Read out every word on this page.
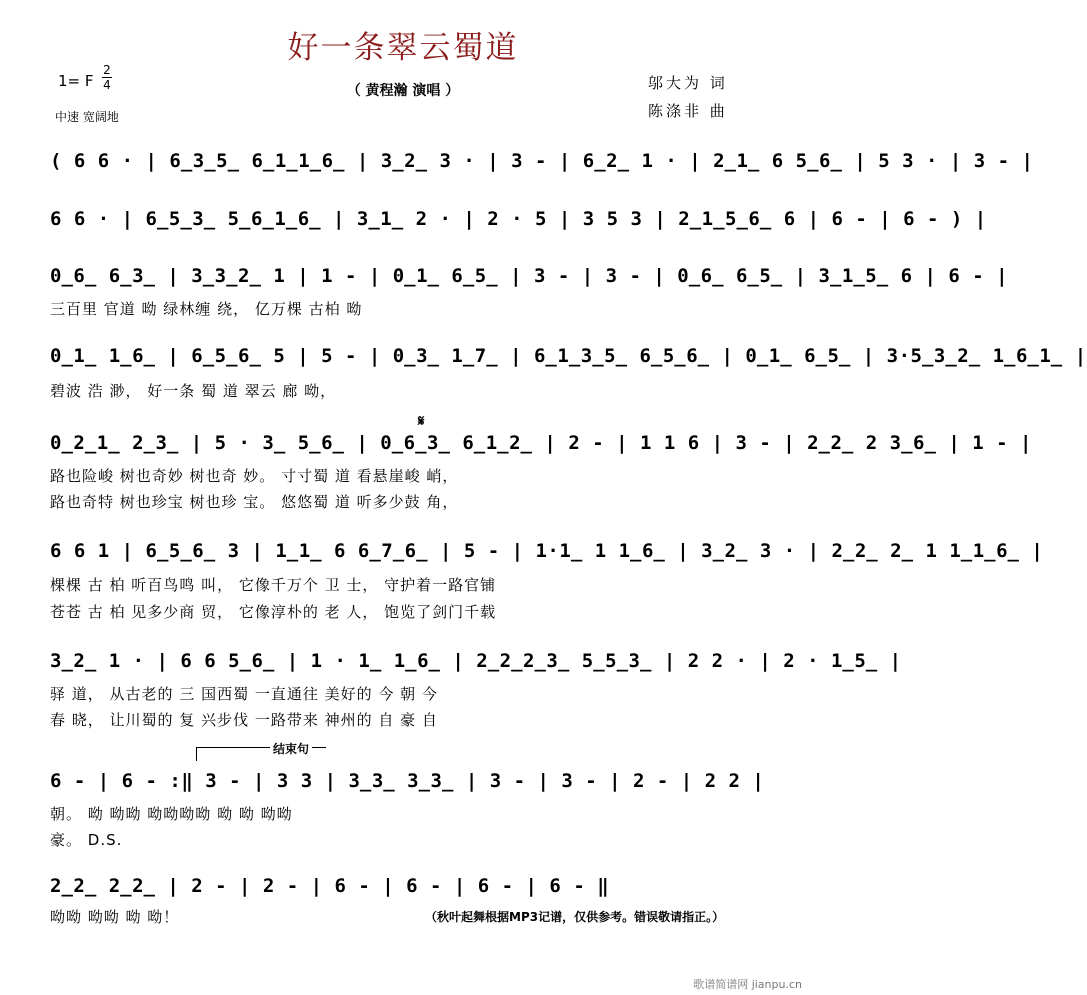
好一条翠云蜀道
（ 黄程瀚 演唱 ）
1= F
2
4
中速 宽阔地
邬大为 词
陈涤非 曲
( 6 6 · | 6̲3̲5̲ 6̲1̲1̲6̲ | 3̲2̲ 3 · | 3 - | 6̲2̲ 1 · | 2̲1̲ 6 5̲6̲ | 5 3 · | 3 - |
6 6 · | 6̲5̲3̲ 5̲6̲1̲6̲ | 3̲1̲ 2 · | 2 · 5 | 3 5 3 | 2̲1̲5̲6̲ 6 | 6 - | 6 - ) |
0̲6̲ 6̲3̲ | 3̲3̲2̲ 1 | 1 - | 0̲1̲ 6̲5̲ | 3 - | 3 - | 0̲6̲ 6̲5̲ | 3̲1̲5̲ 6 | 6 - |
三百里 官道 呦 绿林缠 绕， 亿万棵 古柏 呦
0̲1̲ 1̲6̲ | 6̲5̲6̲ 5 | 5 - | 0̲3̲ 1̲7̲ | 6̲1̲3̲5̲ 6̲5̲6̲ | 0̲1̲ 6̲5̲ | 3·5̲3̲2̲ 1̲6̲1̲ |
碧波 浩 渺， 好一条 蜀 道 翠云 廊 呦，
𝄋
0̲2̲1̲ 2̲3̲ | 5 · 3̲ 5̲6̲ | 0̲6̲3̲ 6̲1̲2̲ | 2 - | 1 1 6 | 3 - | 2̲2̲ 2 3̲6̲ | 1 - |
路也险峻 树也奇妙 树也奇 妙。 寸寸蜀 道 看悬崖峻 峭，
路也奇特 树也珍宝 树也珍 宝。 悠悠蜀 道 听多少鼓 角，
6 6 1 | 6̲5̲6̲ 3 | 1̲1̲ 6 6̲7̲6̲ | 5 - | 1·1̲ 1 1̲6̲ | 3̲2̲ 3 · | 2̲2̲ 2̲ 1 1̲1̲6̲ |
棵棵 古 柏 听百鸟鸣 叫， 它像千万个 卫 士， 守护着一路官铺
苍苍 古 柏 见多少商 贸， 它像淳朴的 老 人， 饱览了剑门千载
3̲2̲ 1 · | 6 6 5̲6̲ | 1 · 1̲ 1̲6̲ | 2̲2̲2̲3̲ 5̲5̲3̲ | 2 2 · | 2 · 1̲5̲ |
驿 道， 从古老的 三 国西蜀 一直通往 美好的 今 朝 今
春 晓， 让川蜀的 复 兴步伐 一路带来 神州的 自 豪 自
结束句
6 - | 6 - :‖ 3 - | 3 3 | 3̲3̲ 3̲3̲ | 3 - | 3 - | 2 - | 2 2 |
朝。 呦 呦呦 呦呦呦呦 呦 呦 呦呦
豪。 D.S.
2̲2̲ 2̲2̲ | 2 - | 2 - | 6 - | 6 - | 6 - | 6 - ‖
呦呦 呦呦 呦 呦！	（秋叶起舞根据MP3记谱，仅供参考。错误敬请指正。）
歌谱简谱网 jianpu.cn
